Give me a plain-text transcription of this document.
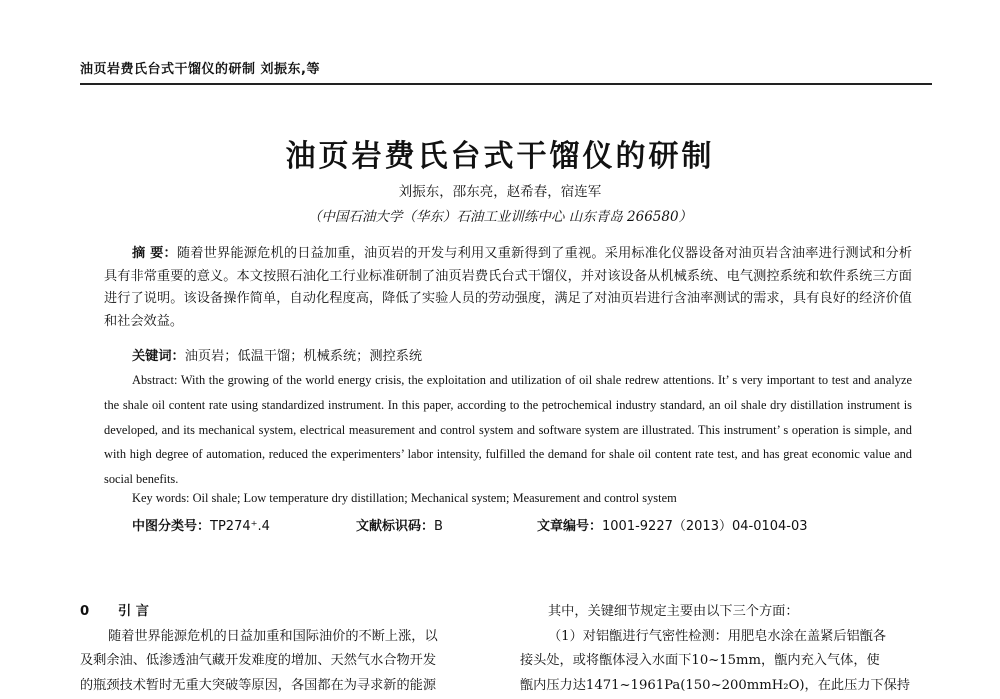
油页岩费氏台式干馏仪的研制 刘振东,等
油页岩费氏台式干馏仪的研制
刘振东，邵东亮，赵希春，宿连军
（中国石油大学（华东）石油工业训练中心 山东青岛 266580）
摘 要：随着世界能源危机的日益加重，油页岩的开发与利用又重新得到了重视。采用标准化仪器设备对油页岩含油率进行测试和分析具有非常重要的意义。本文按照石油化工行业标准研制了油页岩费氏台式干馏仪，并对该设备从机械系统、电气测控系统和软件系统三方面进行了说明。该设备操作简单，自动化程度高，降低了实验人员的劳动强度，满足了对油页岩进行含油率测试的需求，具有良好的经济价值和社会效益。
关键词：油页岩；低温干馏；机械系统；测控系统
Abstract: With the growing of the world energy crisis, the exploitation and utilization of oil shale redrew attentions. It’ s very important to test and analyze the shale oil content rate using standardized instrument. In this paper, according to the petrochemical industry standard, an oil shale dry distillation instrument is developed, and its mechanical system, electrical measurement and control system and software system are illustrated. This instrument’ s operation is simple, and with high degree of automation, reduced the experimenters’ labor intensity, fulfilled the demand for shale oil content rate test, and has great economic value and social benefits.
Key words: Oil shale; Low temperature dry distillation; Mechanical system; Measurement and control system
中图分类号：TP274⁺.4	文献标识码：B	文章编号：1001-9227（2013）04-0104-03
0 引 言

随着世界能源危机的日益加重和国际油价的不断上涨，以

及剩余油、低渗透油气藏开发难度的增加、天然气水合物开发

的瓶颈技术暂时无重大突破等原因，各国都在为寻求新的能源

其中，关键细节规定主要由以下三个方面：

（1）对铝甑进行气密性检测：用肥皂水涂在盖紧后铝甑各

接头处，或将甑体浸入水面下10~15mm，甑内充入气体，使

甑内压力达1471~1961Pa(150~200mmH₂O)，在此压力下保持
